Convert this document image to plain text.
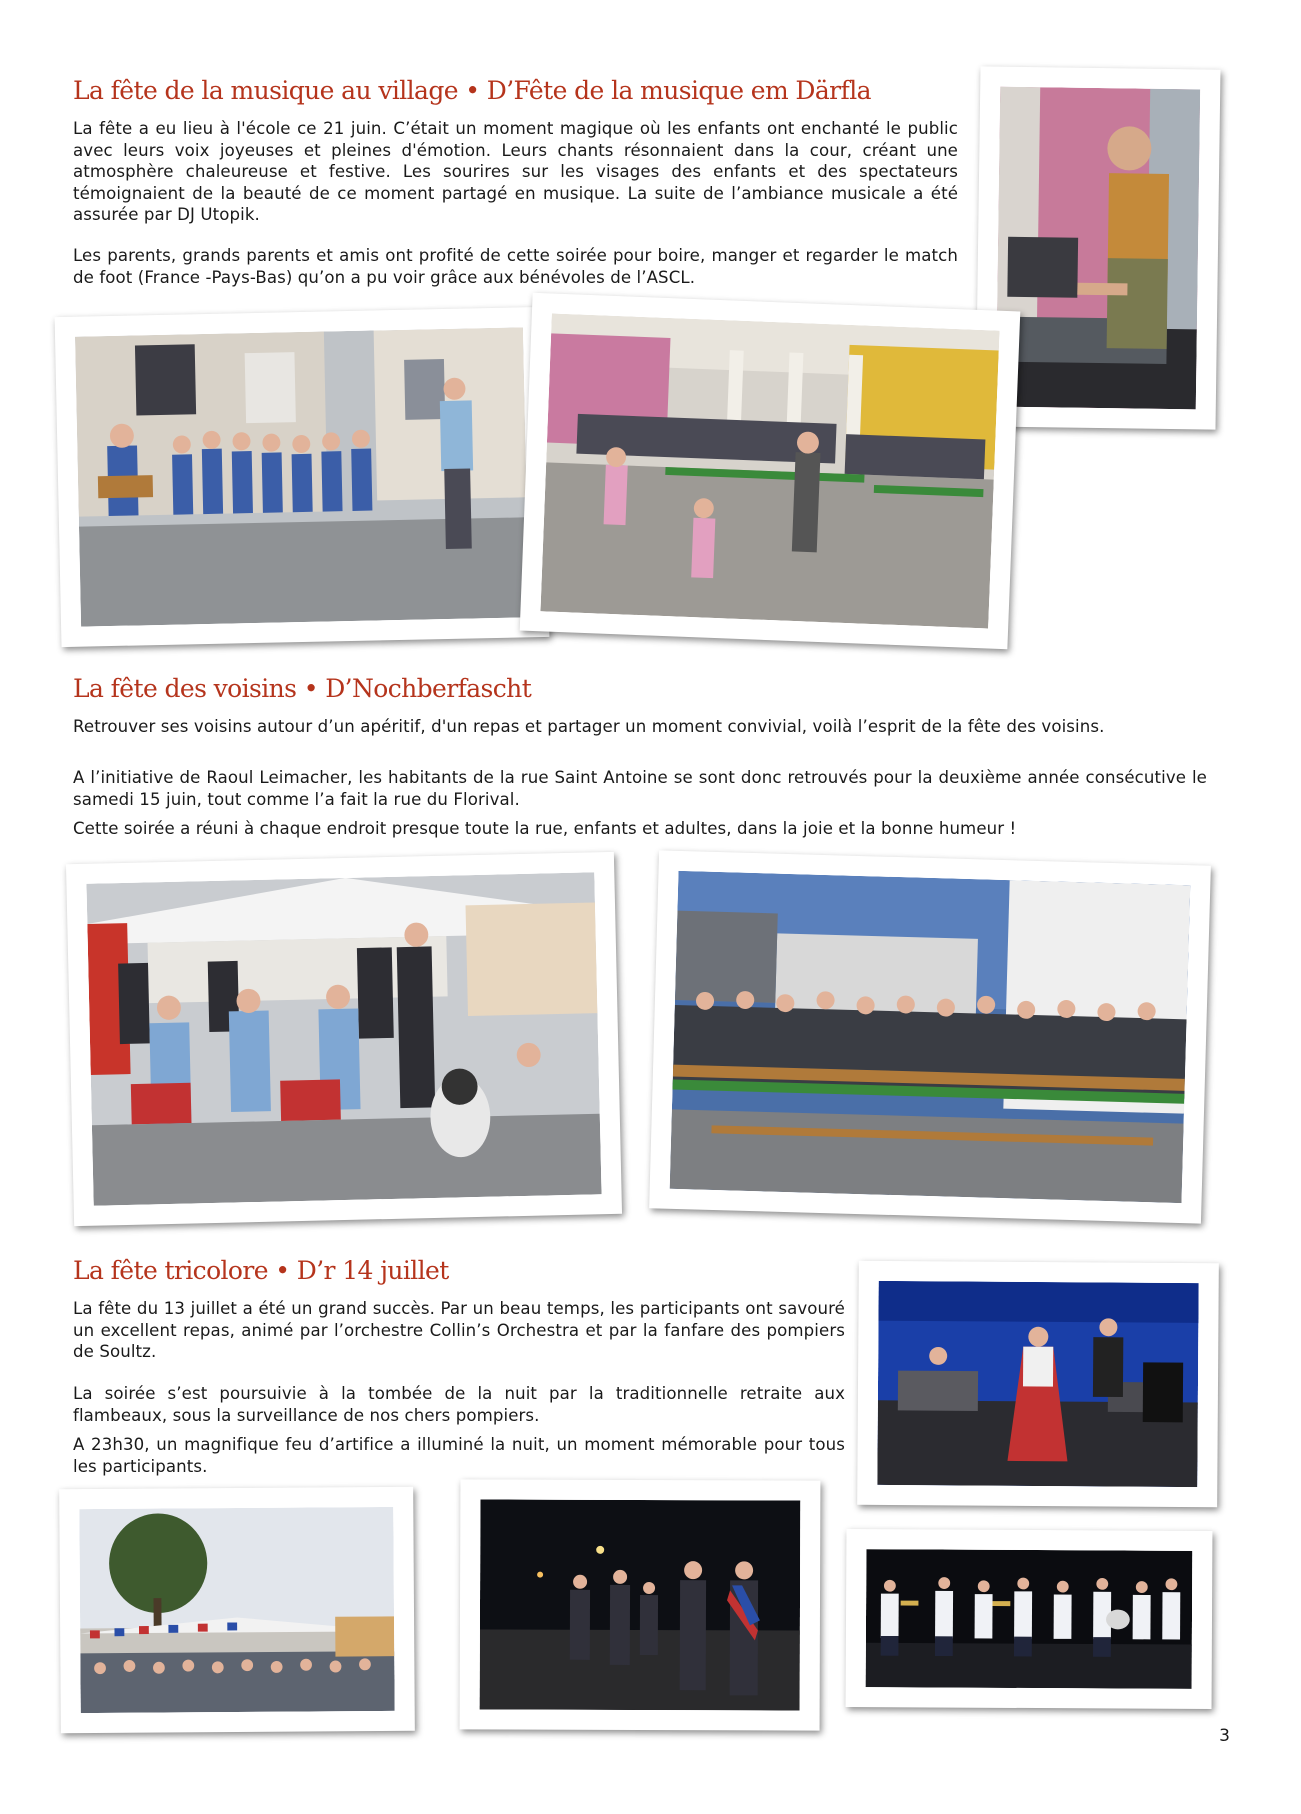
La fête de la musique au village • D’Fête de la musique em Därfla

La fête a eu lieu à l'école ce 21 juin. C’était un moment magique où les enfants ont enchanté le public avec leurs voix joyeuses et pleines d'émotion. Leurs chants résonnaient dans la cour, créant une atmosphère chaleureuse et festive. Les sourires sur les visages des enfants et des spectateurs témoignaient de la beauté de ce moment partagé en musique. La suite de l’ambiance musicale a été assurée par DJ Utopik.

Les parents, grands parents et amis ont profité de cette soirée pour boire, manger et regarder le match de foot (France -Pays-Bas) qu’on a pu voir grâce aux bénévoles de l’ASCL.

La fête des voisins • D’Nochberfascht

Retrouver ses voisins autour d’un apéritif, d'un repas et partager un moment convivial, voilà l’esprit de la fête des voisins.

A l’initiative de Raoul Leimacher, les habitants de la rue Saint Antoine se sont donc retrouvés pour la deuxième année consécutive le samedi 15 juin, tout comme l’a fait la rue du Florival.

Cette soirée a réuni à chaque endroit presque toute la rue, enfants et adultes, dans la joie et la bonne humeur !

La fête tricolore • D’r 14 juillet

La fête du 13 juillet a été un grand succès. Par un beau temps, les participants ont savouré un excellent repas, animé par l’orchestre Collin’s Orchestra et par la fanfare des pompiers de Soultz.

La soirée s’est poursuivie à la tombée de la nuit par la traditionnelle retraite aux flambeaux, sous la surveillance de nos chers pompiers.

A 23h30, un magnifique feu d’artifice a illuminé la nuit, un moment mémorable pour tous les participants.

3
